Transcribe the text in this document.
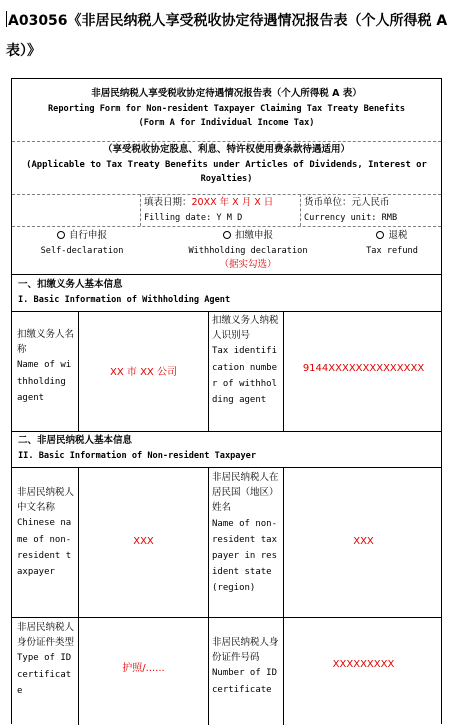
A03056《非居民纳税人享受税收协定待遇情况报告表（个人所得税 A 表）》
非居民纳税人享受税收协定待遇情况报告表（个人所得税 A 表）
Reporting Form for Non-resident Taxpayer Claiming Tax Treaty Benefits
(Form A for Individual Income Tax)
（享受税收协定股息、利息、特许权使用费条款待遇适用）
(Applicable to Tax Treaty Benefits under Articles of Dividends, Interest or
Royalties)
填表日期：20XX 年 X 月 X 日
Filling date: Y M D
货币单位：元人民币
Currency unit: RMB
自行申报
Self-declaration
扣缴申报
Withholding declaration
（据实勾选）
退税
Tax refund
一、扣缴义务人基本信息
I. Basic Information of Withholding Agent
扣缴义务人名称
Name of withholding agent
XX 市 XX 公司
扣缴义务人纳税人识别号
Tax identification number of withholding agent
9144XXXXXXXXXXXXXX
二、非居民纳税人基本信息
II. Basic Information of Non-resident Taxpayer
非居民纳税人中文名称
Chinese name of non-resident taxpayer
XXX
非居民纳税人在居民国（地区）姓名
Name of non-resident taxpayer in resident state (region)
XXX
非居民纳税人身份证件类型
Type of ID certificate
护照/......
非居民纳税人身份证件号码
Number of ID certificate
XXXXXXXXX
